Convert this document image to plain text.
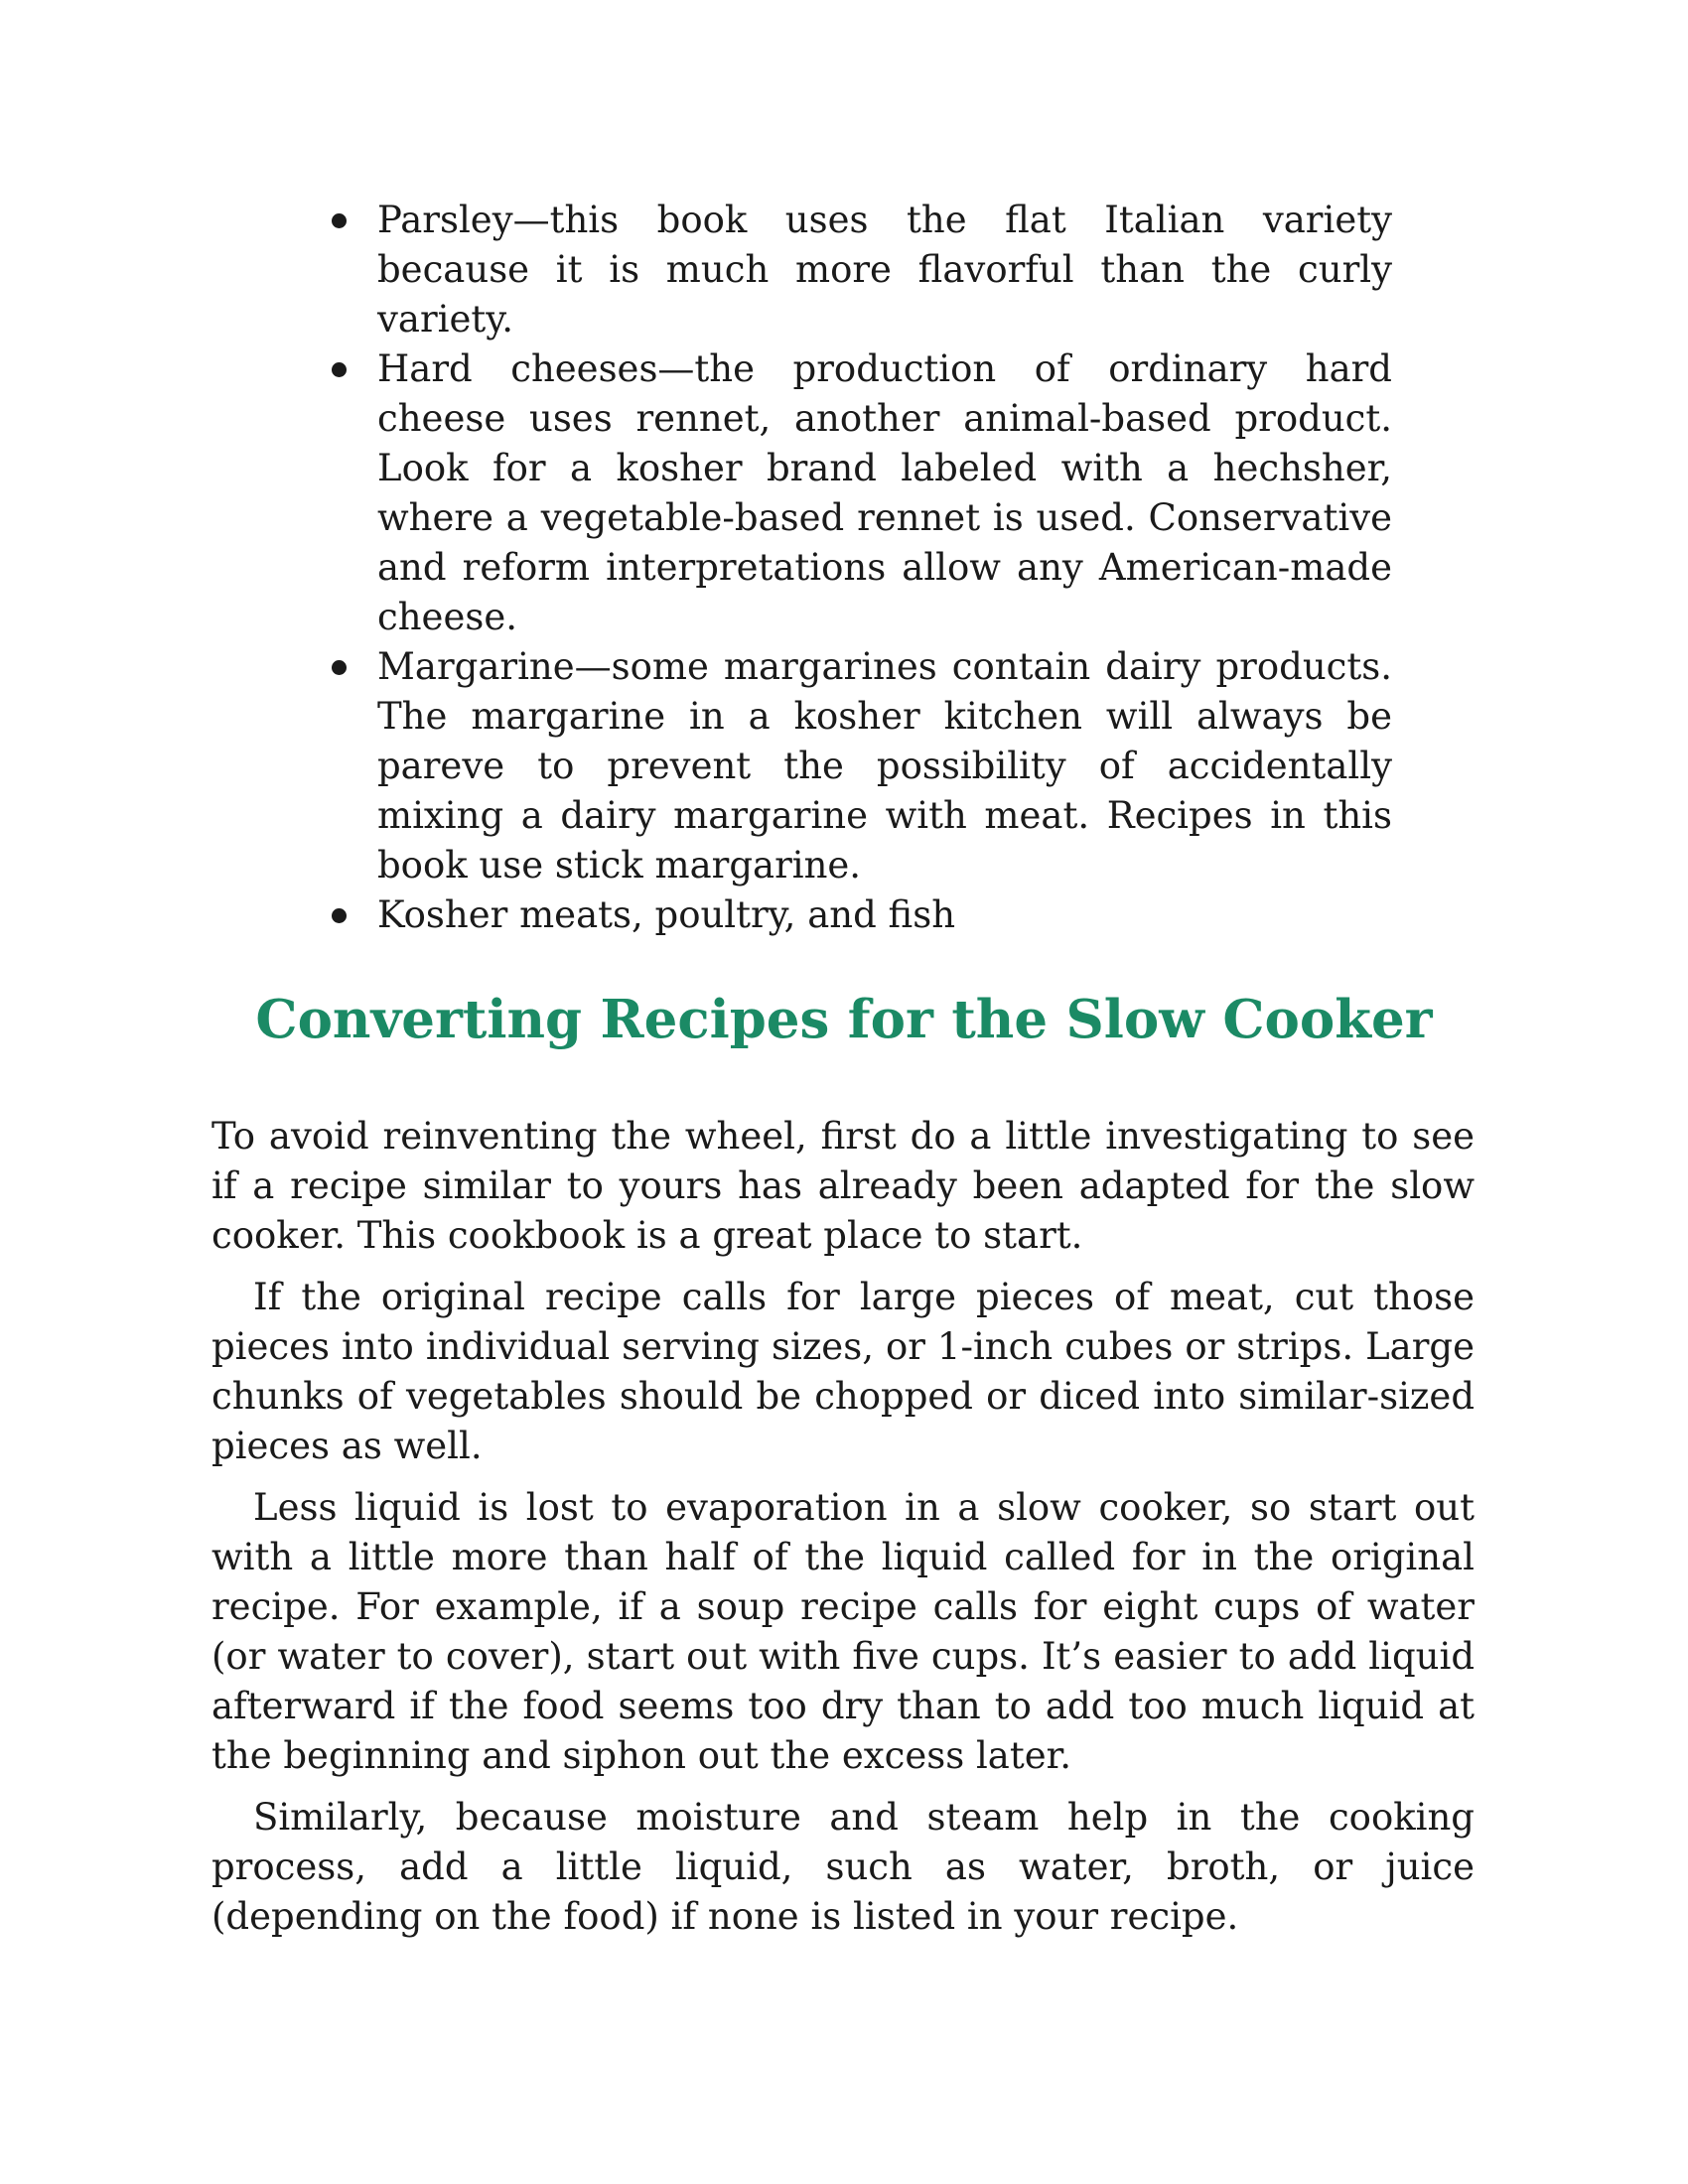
Parsley—this book uses the flat Italian variety because it is much more flavorful than the curly variety.
Hard cheeses—the production of ordinary hard cheese uses rennet, another animal-based product. Look for a kosher brand labeled with a hechsher, where a vegetable-based rennet is used. Conservative and reform interpretations allow any American-made cheese.
Margarine—some margarines contain dairy products. The margarine in a kosher kitchen will always be pareve to prevent the possibility of accidentally mixing a dairy margarine with meat. Recipes in this book use stick margarine.
Kosher meats, poultry, and fish
Converting Recipes for the Slow Cooker

To avoid reinventing the wheel, first do a little investigating to see if a recipe similar to yours has already been adapted for the slow cooker. This cookbook is a great place to start.

If the original recipe calls for large pieces of meat, cut those pieces into individual serving sizes, or 1-inch cubes or strips. Large chunks of vegetables should be chopped or diced into similar-sized pieces as well.

Less liquid is lost to evaporation in a slow cooker, so start out with a little more than half of the liquid called for in the original recipe. For example, if a soup recipe calls for eight cups of water (or water to cover), start out with five cups. It’s easier to add liquid afterward if the food seems too dry than to add too much liquid at the beginning and siphon out the excess later.

Similarly, because moisture and steam help in the cooking process, add a little liquid, such as water, broth, or juice (depending on the food) if none is listed in your recipe.
